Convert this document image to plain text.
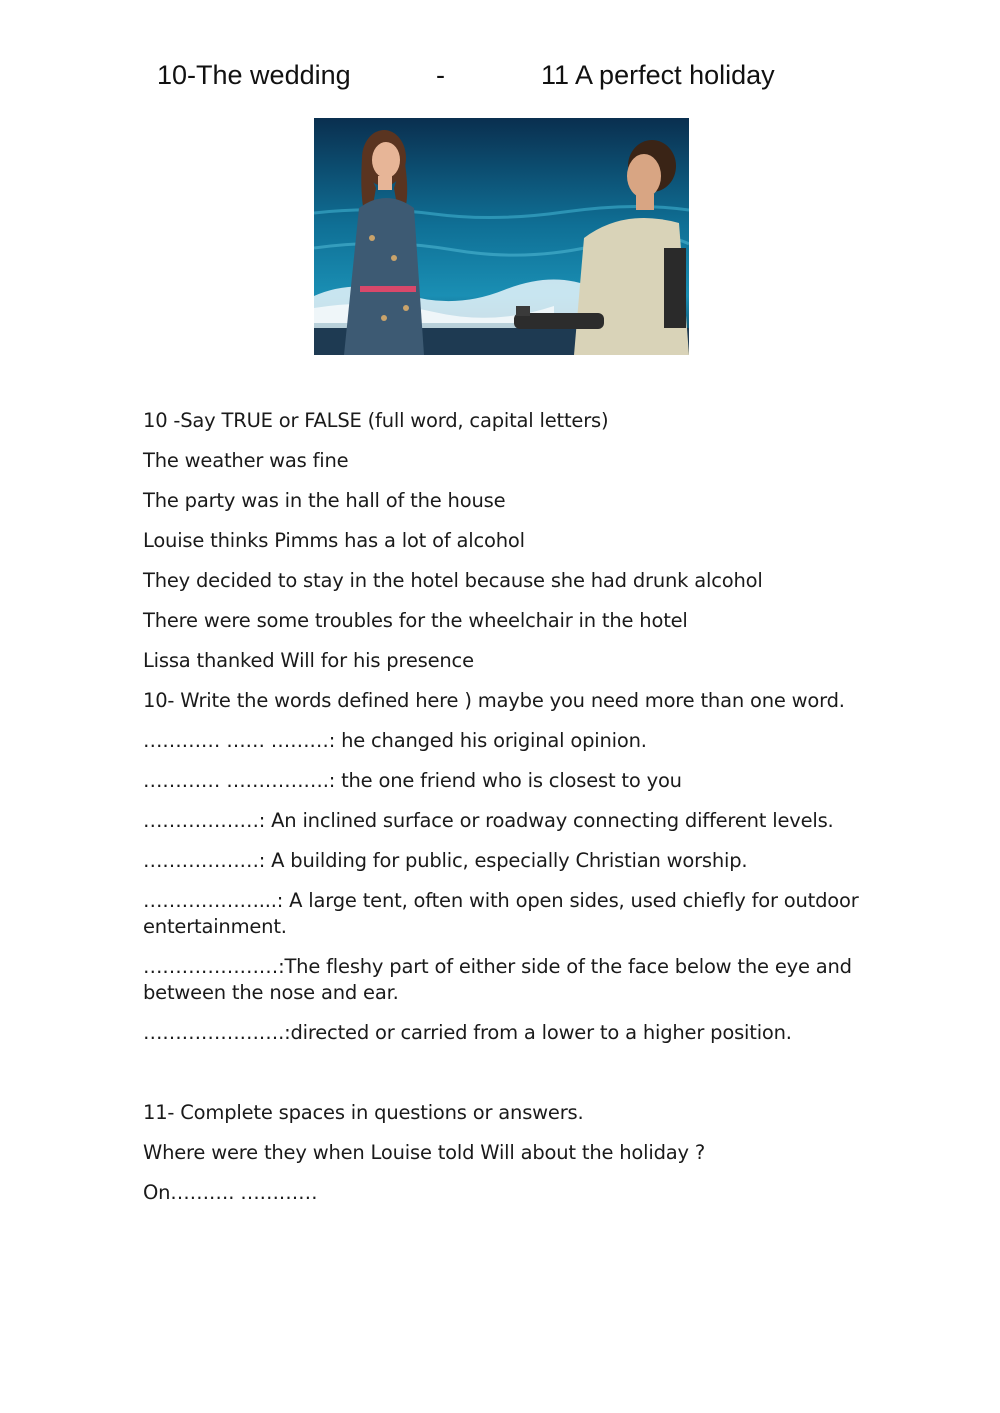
10-The wedding	-	11 A perfect holiday

10 -Say TRUE or FALSE (full word, capital letters)

The weather was fine

The party was in the hall of the house

Louise thinks Pimms has a lot of alcohol

They decided to stay in the hotel because she had drunk alcohol

There were some troubles for the wheelchair in the hotel

Lissa thanked Will for his presence

10- Write the words defined here ) maybe you need more than one word.

………… …… ………: he changed his original opinion.

………… …………….: the one friend who is closest to you

………………: An inclined surface or roadway connecting different levels.

………………: A building for public, especially Christian worship.

………………...: A large tent, often with open sides, used chiefly for outdoor entertainment.

…………………:The fleshy part of either side of the face below the eye and between the nose and ear.

………………….:directed or carried from a lower to a higher position.

11- Complete spaces in questions or answers.

Where were they when Louise told Will about the holiday ?

On………. …………
